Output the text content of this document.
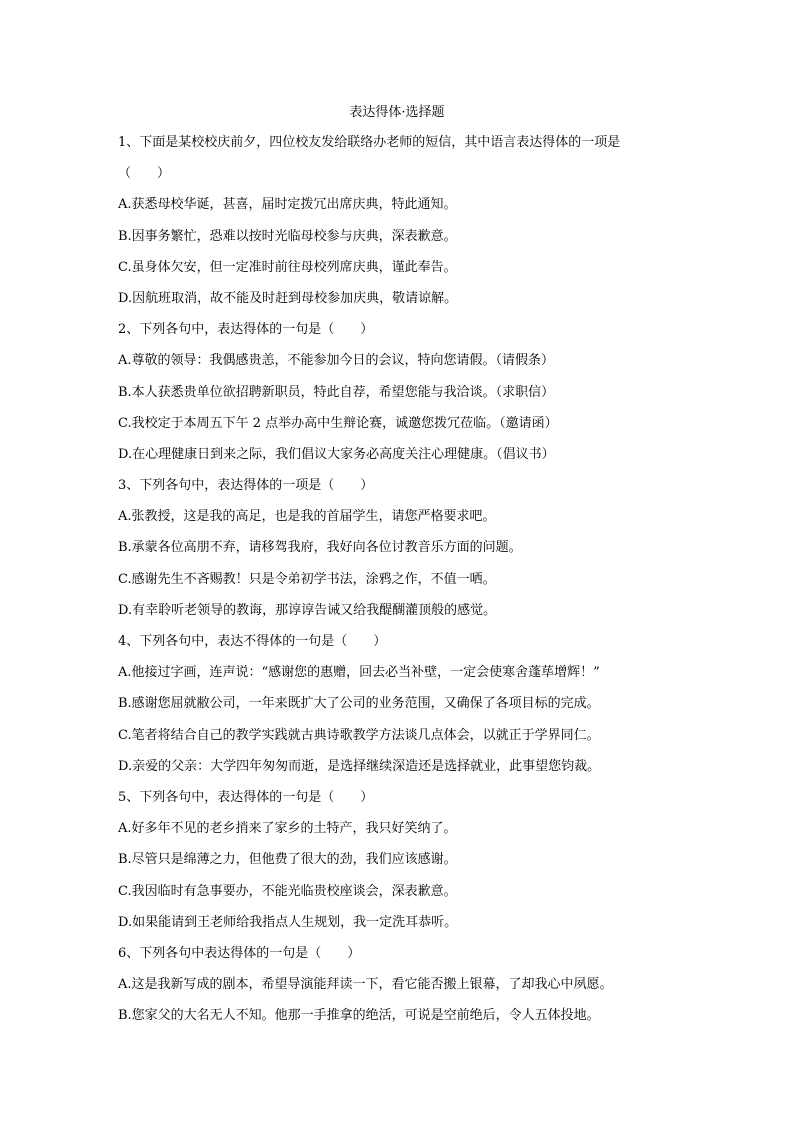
表达得体·选择题
1、下面是某校校庆前夕，四位校友发给联络办老师的短信，其中语言表达得体的一项是
（　　）
A.获悉母校华诞，甚喜，届时定拨冗出席庆典，特此通知。
B.因事务繁忙，恐难以按时光临母校参与庆典，深表歉意。
C.虽身体欠安，但一定准时前往母校列席庆典，谨此奉告。
D.因航班取消，故不能及时赶到母校参加庆典，敬请谅解。
2、下列各句中，表达得体的一句是（　　）
A.尊敬的领导：我偶感贵恙，不能参加今日的会议，特向您请假。（请假条）
B.本人获悉贵单位欲招聘新职员，特此自荐，希望您能与我洽谈。（求职信）
C.我校定于本周五下午 2 点举办高中生辩论赛，诚邀您拨冗莅临。（邀请函）
D.在心理健康日到来之际，我们倡议大家务必高度关注心理健康。（倡议书）
3、下列各句中，表达得体的一项是（　　）
A.张教授，这是我的高足，也是我的首届学生，请您严格要求吧。
B.承蒙各位高朋不弃，请移驾我府，我好向各位讨教音乐方面的问题。
C.感谢先生不吝赐教！只是令弟初学书法，涂鸦之作，不值一哂。
D.有幸聆听老领导的教诲，那谆谆告诫又给我醍醐灌顶般的感觉。
4、下列各句中，表达不得体的一句是（　　）
A.他接过字画，连声说：“感谢您的惠赠，回去必当补壁，一定会使寒舍蓬荜增辉！”
B.感谢您屈就敝公司，一年来既扩大了公司的业务范围，又确保了各项目标的完成。
C.笔者将结合自己的教学实践就古典诗歌教学方法谈几点体会，以就正于学界同仁。
D.亲爱的父亲：大学四年匆匆而逝，是选择继续深造还是选择就业，此事望您钧裁。
5、下列各句中，表达得体的一句是（　　）
A.好多年不见的老乡捎来了家乡的土特产，我只好笑纳了。
B.尽管只是绵薄之力，但他费了很大的劲，我们应该感谢。
C.我因临时有急事要办，不能光临贵校座谈会，深表歉意。
D.如果能请到王老师给我指点人生规划，我一定洗耳恭听。
6、下列各句中表达得体的一句是（　　）
A.这是我新写成的剧本，希望导演能拜读一下，看它能否搬上银幕，了却我心中夙愿。
B.您家父的大名无人不知。他那一手推拿的绝活，可说是空前绝后，令人五体投地。
